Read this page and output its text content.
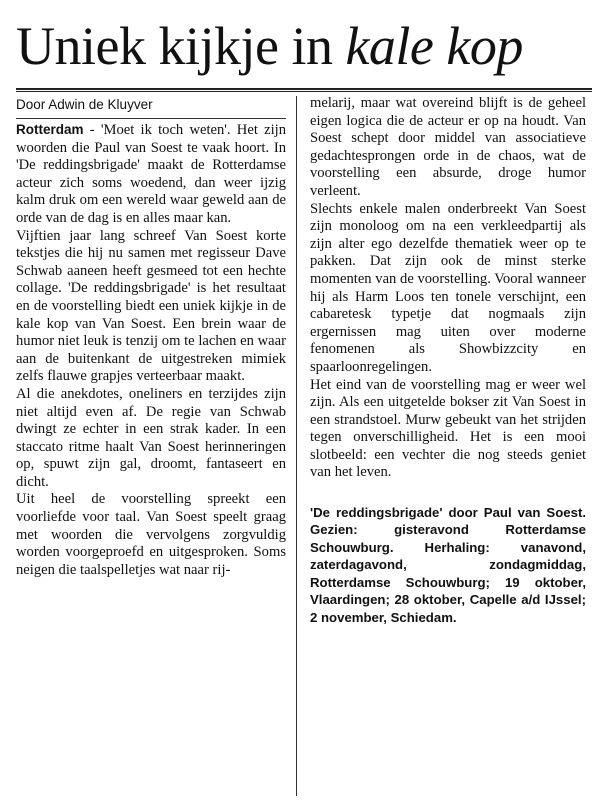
Uniek kijkje in kale kop
Door Adwin de Kluyver

Rotterdam - 'Moet ik toch weten'. Het zijn woorden die Paul van Soest te vaak hoort. In 'De reddingsbrigade' maakt de Rotterdamse acteur zich soms woedend, dan weer ijzig kalm druk om een wereld waar geweld aan de orde van de dag is en alles maar kan.

Vijftien jaar lang schreef Van Soest korte tekstjes die hij nu samen met regisseur Dave Schwab aaneen heeft gesmeed tot een hechte collage. 'De reddingsbrigade' is het resultaat en de voorstelling biedt een uniek kijkje in de kale kop van Van Soest. Een brein waar de humor niet leuk is tenzij om te lachen en waar aan de buitenkant de uitgestreken mimiek zelfs flauwe grapjes verteerbaar maakt.

Al die anekdotes, oneliners en terzijdes zijn niet altijd even af. De regie van Schwab dwingt ze echter in een strak kader. In een staccato ritme haalt Van Soest herinneringen op, spuwt zijn gal, droomt, fantaseert en dicht.

Uit heel de voorstelling spreekt een voorliefde voor taal. Van Soest speelt graag met woorden die vervolgens zorgvuldig worden voorgeproefd en uitgesproken. Soms neigen die taalspelletjes wat naar rij-

melarij, maar wat overeind blijft is de geheel eigen logica die de acteur er op na houdt. Van Soest schept door middel van associatieve gedachtesprongen orde in de chaos, wat de voorstelling een absurde, droge humor verleent.

Slechts enkele malen onderbreekt Van Soest zijn monoloog om na een verkleedpartij als zijn alter ego dezelfde thematiek weer op te pakken. Dat zijn ook de minst sterke momenten van de voorstelling. Vooral wanneer hij als Harm Loos ten tonele verschijnt, een cabaretesk typetje dat nogmaals zijn ergernissen mag uiten over moderne fenomenen als Showbizzcity en spaarloonregelingen.

Het eind van de voorstelling mag er weer wel zijn. Als een uitgetelde bokser zit Van Soest in een strandstoel. Murw gebeukt van het strijden tegen onverschilligheid. Het is een mooi slotbeeld: een vechter die nog steeds geniet van het leven.

'De reddingsbrigade' door Paul van Soest. Gezien: gisteravond Rotterdamse Schouwburg. Herhaling: vanavond, zaterdagavond, zondagmiddag, Rotterdamse Schouwburg; 19 oktober, Vlaardingen; 28 oktober, Capelle a/d IJssel; 2 november, Schiedam.
